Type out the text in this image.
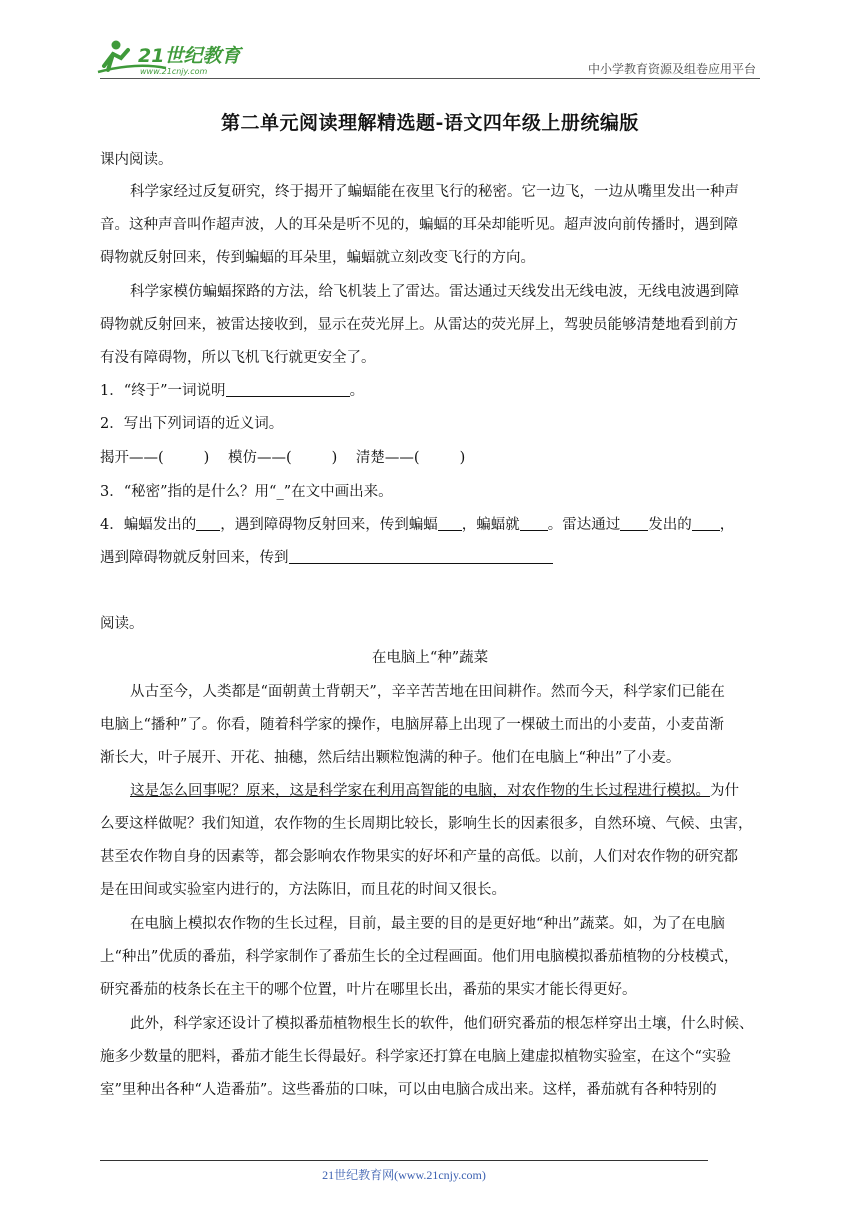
21世纪教育
www.21cnjy.com	中小学教育资源及组卷应用平台
第二单元阅读理解精选题-语文四年级上册统编版
课内阅读。
科学家经过反复研究，终于揭开了蝙蝠能在夜里飞行的秘密。它一边飞，一边从嘴里发出一种声
音。这种声音叫作超声波，人的耳朵是听不见的，蝙蝠的耳朵却能听见。超声波向前传播时，遇到障
碍物就反射回来，传到蝙蝠的耳朵里，蝙蝠就立刻改变飞行的方向。
科学家模仿蝙蝠探路的方法，给飞机装上了雷达。雷达通过天线发出无线电波，无线电波遇到障
碍物就反射回来，被雷达接收到，显示在荧光屏上。从雷达的荧光屏上，驾驶员能够清楚地看到前方
有没有障碍物，所以飞机飞行就更安全了。
1．“终于”一词说明	。
2．写出下列词语的近义词。
揭开——(	) 模仿——(	) 清楚——(	)
3．“秘密”指的是什么？用“_”在文中画出来。
4．蝙蝠发出的 ，遇到障碍物反射回来，传到蝙蝠 ，蝙蝠就 。雷达通过 发出的 ，
遇到障碍物就反射回来，传到
阅读。
在电脑上“种”蔬菜
从古至今，人类都是“面朝黄土背朝天”，辛辛苦苦地在田间耕作。然而今天，科学家们已能在
电脑上“播种”了。你看，随着科学家的操作，电脑屏幕上出现了一棵破土而出的小麦苗，小麦苗渐
渐长大，叶子展开、开花、抽穗，然后结出颗粒饱满的种子。他们在电脑上“种出”了小麦。
这是怎么回事呢？原来，这是科学家在利用高智能的电脑，对农作物的生长过程进行模拟。为什
么要这样做呢？我们知道，农作物的生长周期比较长，影响生长的因素很多，自然环境、气候、虫害，
甚至农作物自身的因素等，都会影响农作物果实的好坏和产量的高低。以前，人们对农作物的研究都
是在田间或实验室内进行的，方法陈旧，而且花的时间又很长。
在电脑上模拟农作物的生长过程，目前，最主要的目的是更好地“种出”蔬菜。如，为了在电脑
上“种出”优质的番茄，科学家制作了番茄生长的全过程画面。他们用电脑模拟番茄植物的分枝模式，
研究番茄的枝条长在主干的哪个位置，叶片在哪里长出，番茄的果实才能长得更好。
此外，科学家还设计了模拟番茄植物根生长的软件，他们研究番茄的根怎样穿出土壤，什么时候、
施多少数量的肥料，番茄才能生长得最好。科学家还打算在电脑上建虚拟植物实验室，在这个“实验
室”里种出各种“人造番茄”。这些番茄的口味，可以由电脑合成出来。这样，番茄就有各种特别的
21世纪教育网(www.21cnjy.com)
